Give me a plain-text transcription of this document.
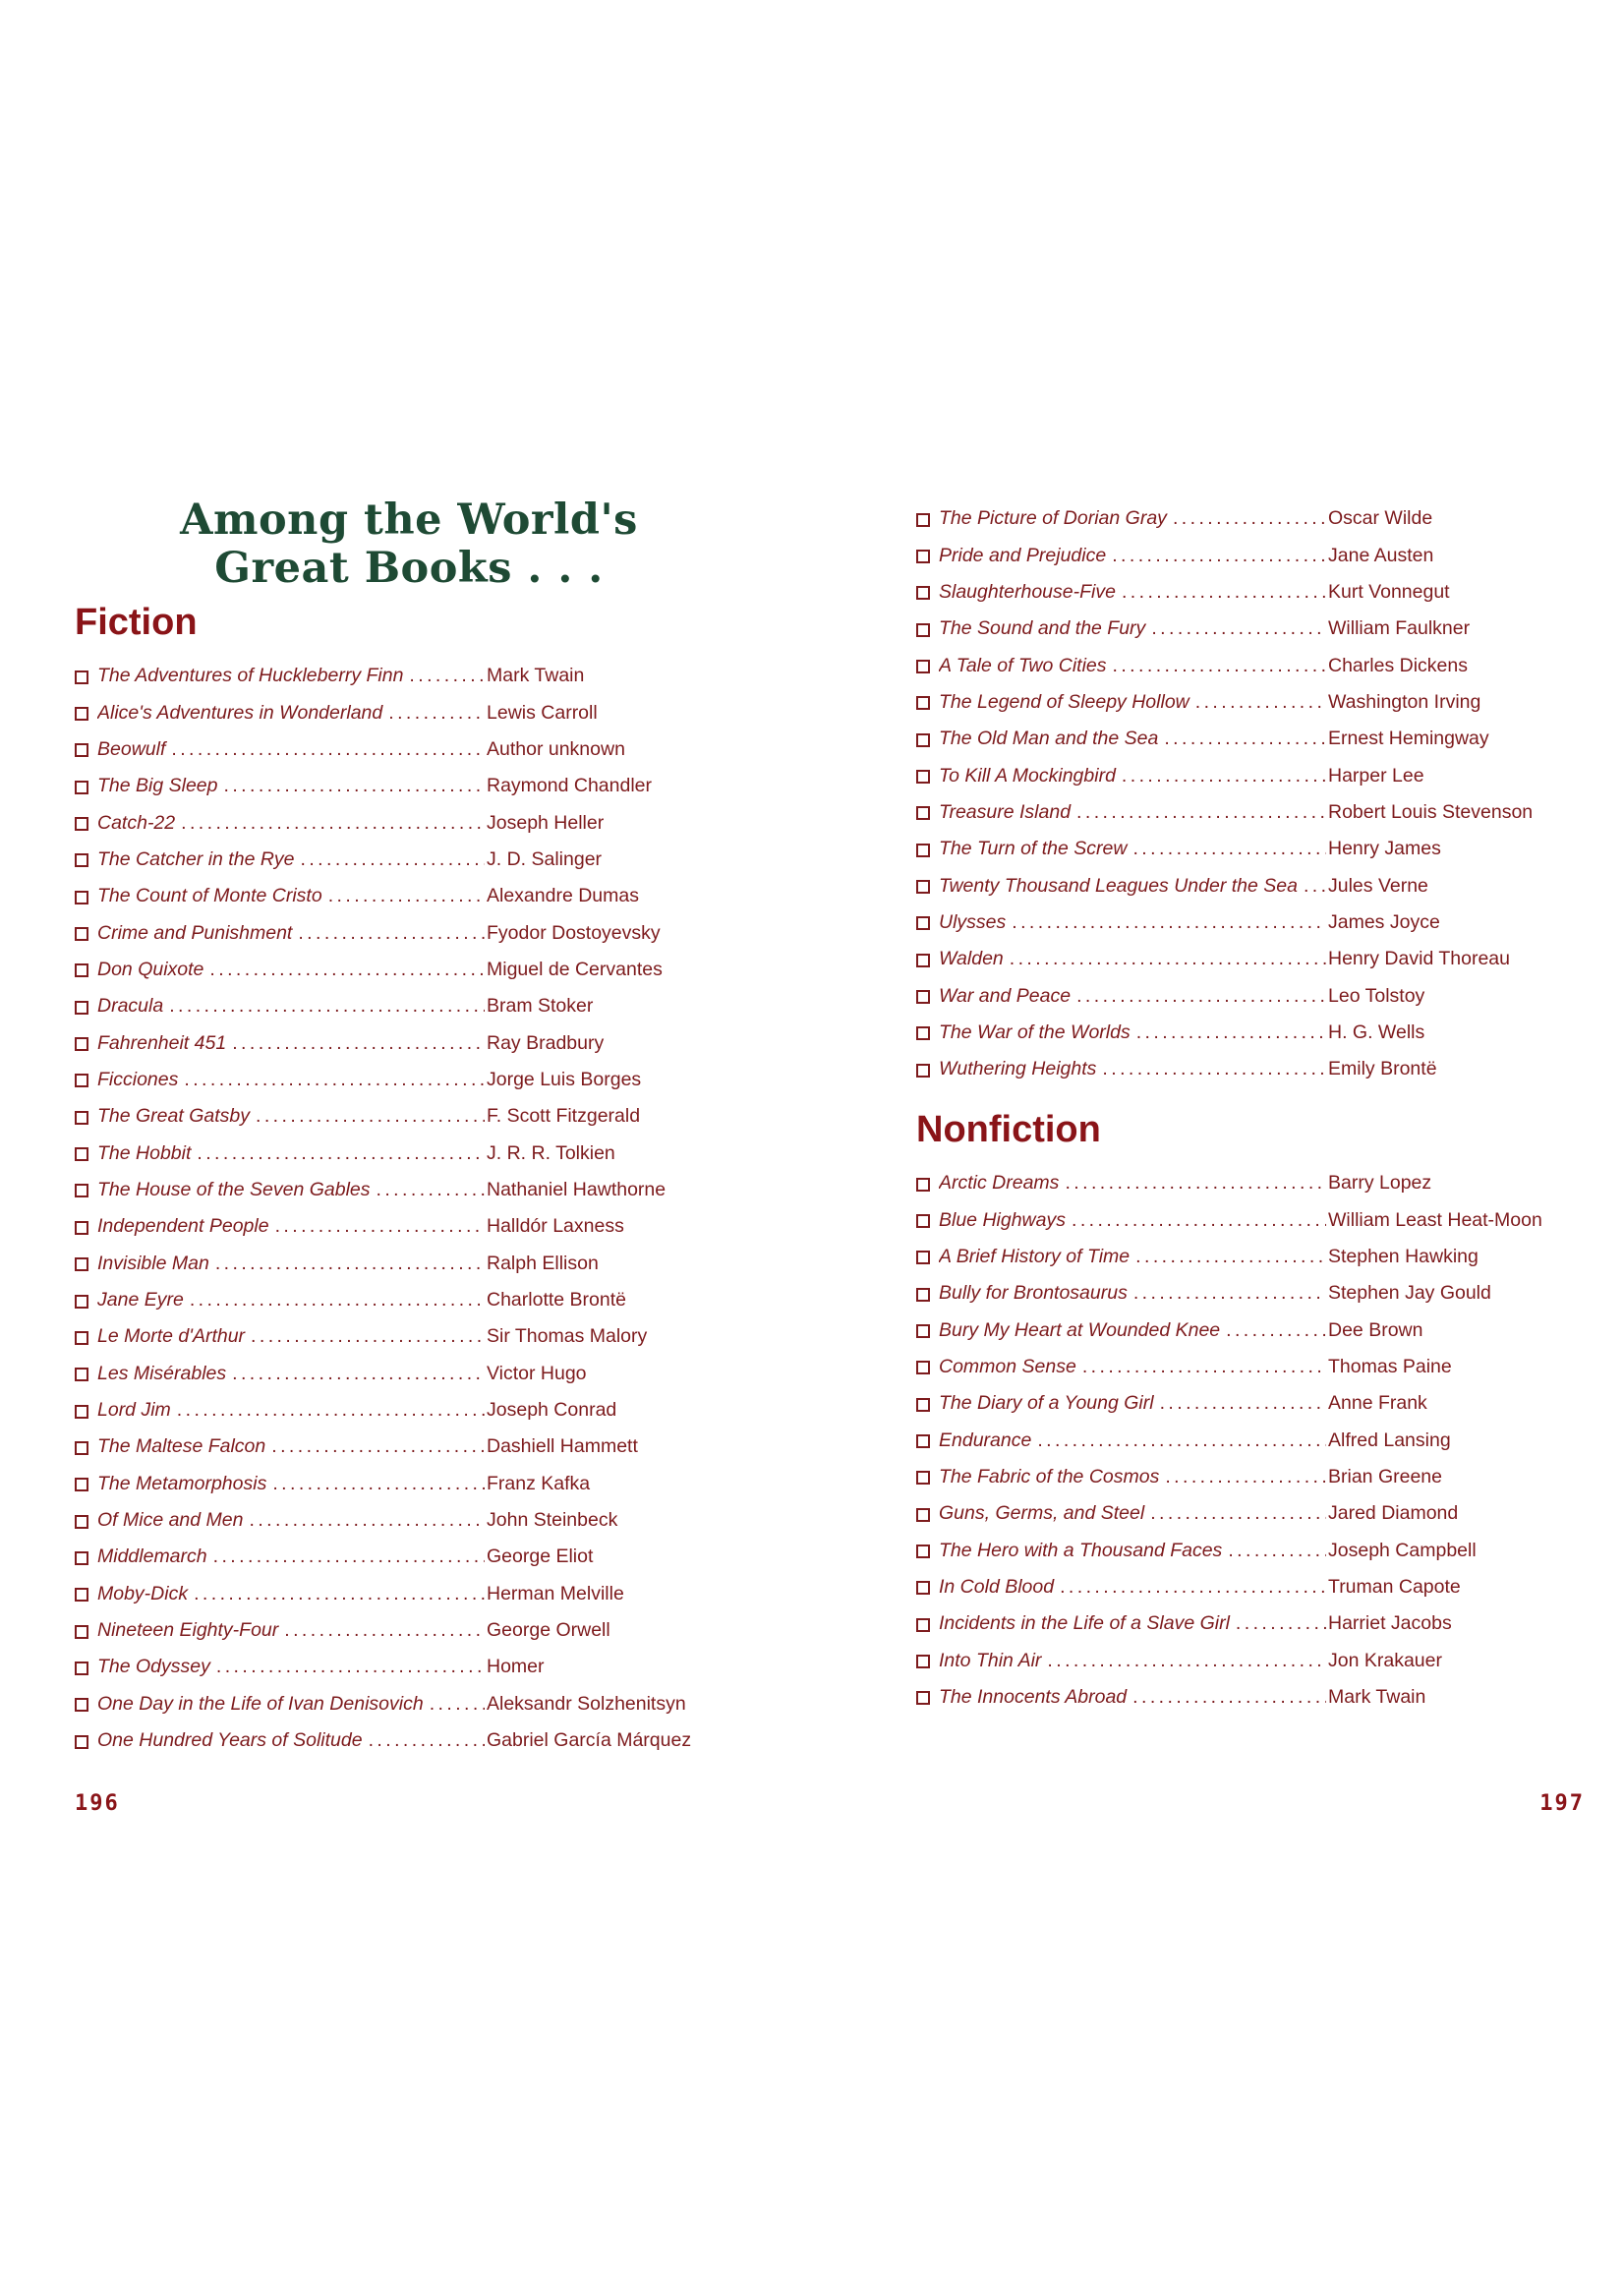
Among the World's
Great Books . . .
Fiction
The Adventures of Huckleberry Finn . . .	Mark Twain
Alice's Adventures in Wonderland . . .	Lewis Carroll
Beowulf . . .	Author unknown
The Big Sleep . . .	Raymond Chandler
Catch-22 . . .	Joseph Heller
The Catcher in the Rye . . .	J. D. Salinger
The Count of Monte Cristo . . .	Alexandre Dumas
Crime and Punishment . . .	Fyodor Dostoyevsky
Don Quixote . . .	Miguel de Cervantes
Dracula . . .	Bram Stoker
Fahrenheit 451 . . .	Ray Bradbury
Ficciones . . .	Jorge Luis Borges
The Great Gatsby . . .	F. Scott Fitzgerald
The Hobbit . . .	J. R. R. Tolkien
The House of the Seven Gables . . .	Nathaniel Hawthorne
Independent People . . .	Halldór Laxness
Invisible Man . . .	Ralph Ellison
Jane Eyre . . .	Charlotte Brontë
Le Morte d'Arthur . . .	Sir Thomas Malory
Les Misérables . . .	Victor Hugo
Lord Jim . . .	Joseph Conrad
The Maltese Falcon . . .	Dashiell Hammett
The Metamorphosis . . .	Franz Kafka
Of Mice and Men . . .	John Steinbeck
Middlemarch . . .	George Eliot
Moby-Dick . . .	Herman Melville
Nineteen Eighty-Four . . .	George Orwell
The Odyssey . . .	Homer
One Day in the Life of Ivan Denisovich . . .	Aleksandr Solzhenitsyn
One Hundred Years of Solitude . . .	Gabriel García Márquez
196
The Picture of Dorian Gray . . .	Oscar Wilde
Pride and Prejudice . . .	Jane Austen
Slaughterhouse-Five . . .	Kurt Vonnegut
The Sound and the Fury . . .	William Faulkner
A Tale of Two Cities . . .	Charles Dickens
The Legend of Sleepy Hollow . . .	Washington Irving
The Old Man and the Sea . . .	Ernest Hemingway
To Kill A Mockingbird . . .	Harper Lee
Treasure Island . . .	Robert Louis Stevenson
The Turn of the Screw . . .	Henry James
Twenty Thousand Leagues Under the Sea . . . Jules Verne
Ulysses . . .	James Joyce
Walden . . .	Henry David Thoreau
War and Peace . . .	Leo Tolstoy
The War of the Worlds . . .	H. G. Wells
Wuthering Heights . . .	Emily Brontë
Nonfiction
Arctic Dreams . . .	Barry Lopez
Blue Highways . . .	William Least Heat-Moon
A Brief History of Time . . .	Stephen Hawking
Bully for Brontosaurus . . .	Stephen Jay Gould
Bury My Heart at Wounded Knee . . .	Dee Brown
Common Sense . . .	Thomas Paine
The Diary of a Young Girl . . .	Anne Frank
Endurance . . .	Alfred Lansing
The Fabric of the Cosmos . . .	Brian Greene
Guns, Germs, and Steel . . .	Jared Diamond
The Hero with a Thousand Faces . . .	Joseph Campbell
In Cold Blood . . .	Truman Capote
Incidents in the Life of a Slave Girl . . .	Harriet Jacobs
Into Thin Air . . .	Jon Krakauer
The Innocents Abroad . . .	Mark Twain
197
